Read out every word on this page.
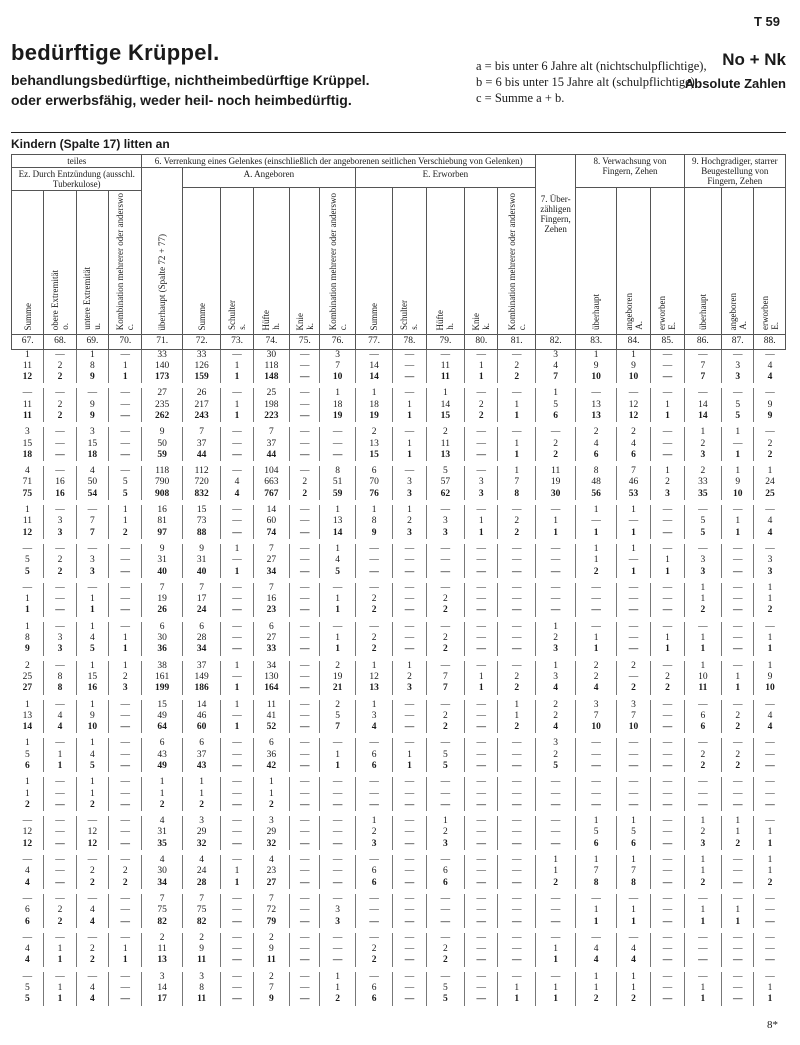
T 59
bedürftige Krüppel.
behandlungsbedürftige, nichtheimbedürftige Krüppel.
oder erwerbsfähig, weder heil- noch heimbedürftig.
a = bis unter 6 Jahre alt (nichtschulpflichtige),
b = 6 bis unter 15 Jahre alt (schulpflichtige),
c = Summe a + b.
No + Nk
Absolute Zahlen
Kindern (Spalte 17) litten an
teiles				6. Verrenkung eines Gelenkes (einschließlich der angeborenen seitlichen Verschiebung von Gelenken)											7. Über-zähligen Fingern, Zehen	8. Verwachsung von Fingern, Zehen			9. Hochgradiger, starrer Beugestellung von Fingern, Zehen		
Ez. Durch Entzündung (ausschl. Tuberkulose)				überhaupt (Spalte 72 + 77)	A. Angeboren					E. Erworben											
					Summe	Schulters.	Hüfteh.	Kniek.	Kombination mehrerer oder anderswoc.	Summe	Schulters.	Hüfteh.	Kniek.	Kombination mehrerer oder anderswoc.		überhaupt	angeborenA.	erworbenE.	überhaupt	angeborenA.	erworbenE.
Summe	obere Extremitäto.	untere Extremitätu.	Kombination mehrerer oder anderswoc.																		
67.	68.	69.	70.	71.	72.	73.	74.	75.	76.	77.	78.	79.	80.	81.	82.	83.	84.	85.	86.	87.	88.
1	—	1	—	33	33	—	30	—	3	—	—	—	—	—	3	1	1	—	—	—	—
11	2	8	1	140	126	1	118	—	7	14	—	11	1	2	4	9	9	—	7	3	4
12	2	9	1	173	159	1	148	—	10	14	—	11	1	2	7	10	10	—	7	3	4

—	—	—	—	27	26	—	25	—	1	1	—	1	—	—	1	—	—	—	—	—	—
11	2	9	—	235	217	1	198	—	18	18	1	14	2	1	5	13	12	1	14	5	9
11	2	9	—	262	243	1	223	—	19	19	1	15	2	1	6	13	12	1	14	5	9

3	—	3	—	9	7	—	7	—	—	2	—	2	—	—	—	2	2	—	1	1	—
15	—	15	—	50	37	—	37	—	—	13	1	11	—	1	2	4	4	—	2	—	2
18	—	18	—	59	44	—	44	—	—	15	1	13	—	1	2	6	6	—	3	1	2

4	—	4	—	118	112	—	104	—	8	6	—	5	—	1	11	8	7	1	2	1	1
71	16	50	5	790	720	4	663	2	51	70	3	57	3	7	19	48	46	2	33	9	24
75	16	54	5	908	832	4	767	2	59	76	3	62	3	8	30	56	53	3	35	10	25

1	—	—	1	16	15	—	14	—	1	1	1	—	—	—	—	1	1	—	—	—	—
11	3	7	1	81	73	—	60	—	13	8	2	3	1	2	1	—	—	—	5	1	4
12	3	7	2	97	88	—	74	—	14	9	3	3	1	2	1	1	1	—	5	1	4

—	—	—	—	9	9	1	7	—	1	—	—	—	—	—	—	1	1	—	—	—	—
5	2	3	—	31	31	—	27	—	4	—	—	—	—	—	—	1	—	1	3	—	3
5	2	3	—	40	40	1	34	—	5	—	—	—	—	—	—	2	1	1	3	—	3

—	—	—	—	7	7	—	7	—	—	—	—	—	—	—	—	—	—	—	1	—	1
1	—	1	—	19	17	—	16	—	1	2	—	2	—	—	—	—	—	—	1	—	1
1	—	1	—	26	24	—	23	—	1	2	—	2	—	—	—	—	—	—	2	—	2

1	—	1	—	6	6	—	6	—	—	—	—	—	—	—	1	—	—	—	—	—	—
8	3	4	1	30	28	—	27	—	1	2	—	2	—	—	2	1	—	1	1	—	1
9	3	5	1	36	34	—	33	—	1	2	—	2	—	—	3	1	—	1	1	—	1

2	—	1	1	38	37	1	34	—	2	1	1	—	—	—	1	2	2	—	1	—	1
25	8	15	2	161	149	—	130	—	19	12	2	7	1	2	3	2	—	2	10	1	9
27	8	16	3	199	186	1	164	—	21	13	3	7	1	2	4	4	2	2	11	1	10

1	—	1	—	15	14	1	11	—	2	1	—	—	—	1	2	3	3	—	—	—	—
13	4	9	—	49	46	—	41	—	5	3	—	2	—	1	2	7	7	—	6	2	4
14	4	10	—	64	60	1	52	—	7	4	—	2	—	2	4	10	10	—	6	2	4

1	—	1	—	6	6	—	6	—	—	—	—	—	—	—	3	—	—	—	—	—	—
5	1	4	—	43	37	—	36	—	1	6	1	5	—	—	2	—	—	—	2	2	—
6	1	5	—	49	43	—	42	—	1	6	1	5	—	—	5	—	—	—	2	2	—

1	—	1	—	1	1	—	1	—	—	—	—	—	—	—	—	—	—	—	—	—	—
1	—	1	—	1	1	—	1	—	—	—	—	—	—	—	—	—	—	—	—	—	—
2	—	2	—	2	2	—	2	—	—	—	—	—	—	—	—	—	—	—	—	—	—

—	—	—	—	4	3	—	3	—	—	1	—	1	—	—	—	1	1	—	1	1	—
12	—	12	—	31	29	—	29	—	—	2	—	2	—	—	—	5	5	—	2	1	1
12	—	12	—	35	32	—	32	—	—	3	—	3	—	—	—	6	6	—	3	2	1

—	—	—	—	4	4	—	4	—	—	—	—	—	—	—	1	1	1	—	1	—	1
4	—	2	2	30	24	1	23	—	—	6	—	6	—	—	1	7	7	—	1	—	1
4	—	2	2	34	28	1	27	—	—	6	—	6	—	—	2	8	8	—	2	—	2

—	—	—	—	7	7	—	7	—	—	—	—	—	—	—	—	—	—	—	—	—	—
6	2	4	—	75	75	—	72	—	3	—	—	—	—	—	—	1	1	—	1	1	—
6	2	4	—	82	82	—	79	—	3	—	—	—	—	—	—	1	1	—	1	1	—

—	—	—	—	2	2	—	2	—	—	—	—	—	—	—	—	—	—	—	—	—	—
4	1	2	1	11	9	—	9	—	—	2	—	2	—	—	1	4	4	—	—	—	—
4	1	2	1	13	11	—	11	—	—	2	—	2	—	—	1	4	4	—	—	—	—

—	—	—	—	3	3	—	2	—	1	—	—	—	—	—	—	1	1	—	—	—	—
5	1	4	—	14	8	—	7	—	1	6	—	5	—	1	1	1	1	—	1	—	1
5	1	4	—	17	11	—	9	—	2	6	—	5	—	1	1	2	2	—	1	—	1
8*
